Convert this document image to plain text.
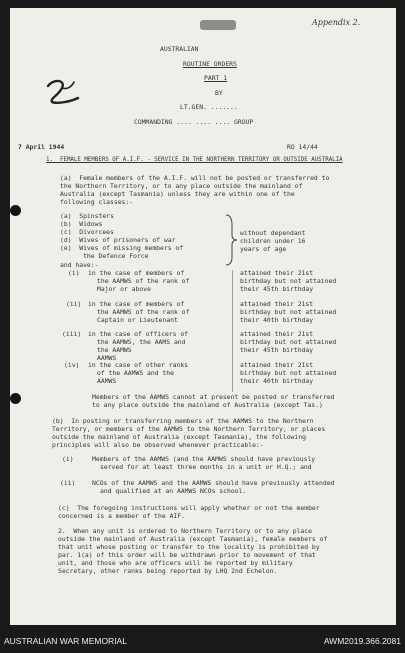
Appendix 2.
AUSTRALIAN
ROUTINE ORDERS
PART 1
BY
LT.GEN. .......
COMMANDING .... .... .... GROUP
7 April 1944	RO 14/44
1.  FEMALE MEMBERS OF A.I.F. - SERVICE IN THE NORTHERN TERRITORY OR OUTSIDE AUSTRALIA
(a)  Female members of the A.I.F. will not be posted or transferred to
the Northern Territory, or to any place outside the mainland of
Australia (except Tasmania) unless they are within one of the
following classes:-
(a)  Spinsters
(b)  Widows
(c)  Divorcees
(d)  Wives of prisoners of war
(e)  Wives of missing members of
the Defence Force
without dependant
children under 16
years of age
and have:-
(i) in the case of members of
the AAMWS of the rank of
Major or above
attained their 21st
birthday but not attained
their 45th birthday
(ii) in the case of members of
the AAMWS of the rank of
Captain or Lieutenant
attained their 21st
birthday but not attained
their 40th birthday
(iii) in the case of officers of
the AAMWS, the AAMS and
the AAMWS
AAMWS
attained their 21st
birthday but not attained
their 45th birthday
(iv) in the case of other ranks
of the AAMWS and the
AAMWS
attained their 21st
birthday but not attained
their 40th birthday
Members of the AAMWS cannot at present be posted or transferred
to any place outside the mainland of Australia (except Tas.)
(b)  In posting or transferring members of the AAMWS to the Northern
Territory, or members of the AAMWS to the Northern Territory, or places
outside the mainland of Australia (except Tasmania), the following
principles will also be observed whenever practicable:-
(i)	Members of the AAMWS (and the AAMWS should have previously
served for at least three months in a unit or H.Q.; and
(ii)	NCOs of the AAMWS and the AAMWS should have previously attended
and qualified at an AAMWS NCOs school.
(c)  The foregoing instructions will apply whether or not the member
concerned is a member of the AIF.
2.  When any unit is ordered to Northern Territory or to any place
outside the mainland of Australia (except Tasmania), female members of
that unit whose posting or transfer to the locality is prohibited by
par. 1(a) of this order will be withdrawn prior to movement of that
unit, and those who are officers will be reported by military
Secretary, other ranks being reported by LHQ 2nd Echelon.
AUSTRALIAN WAR MEMORIAL	AWM2019.366.2081
